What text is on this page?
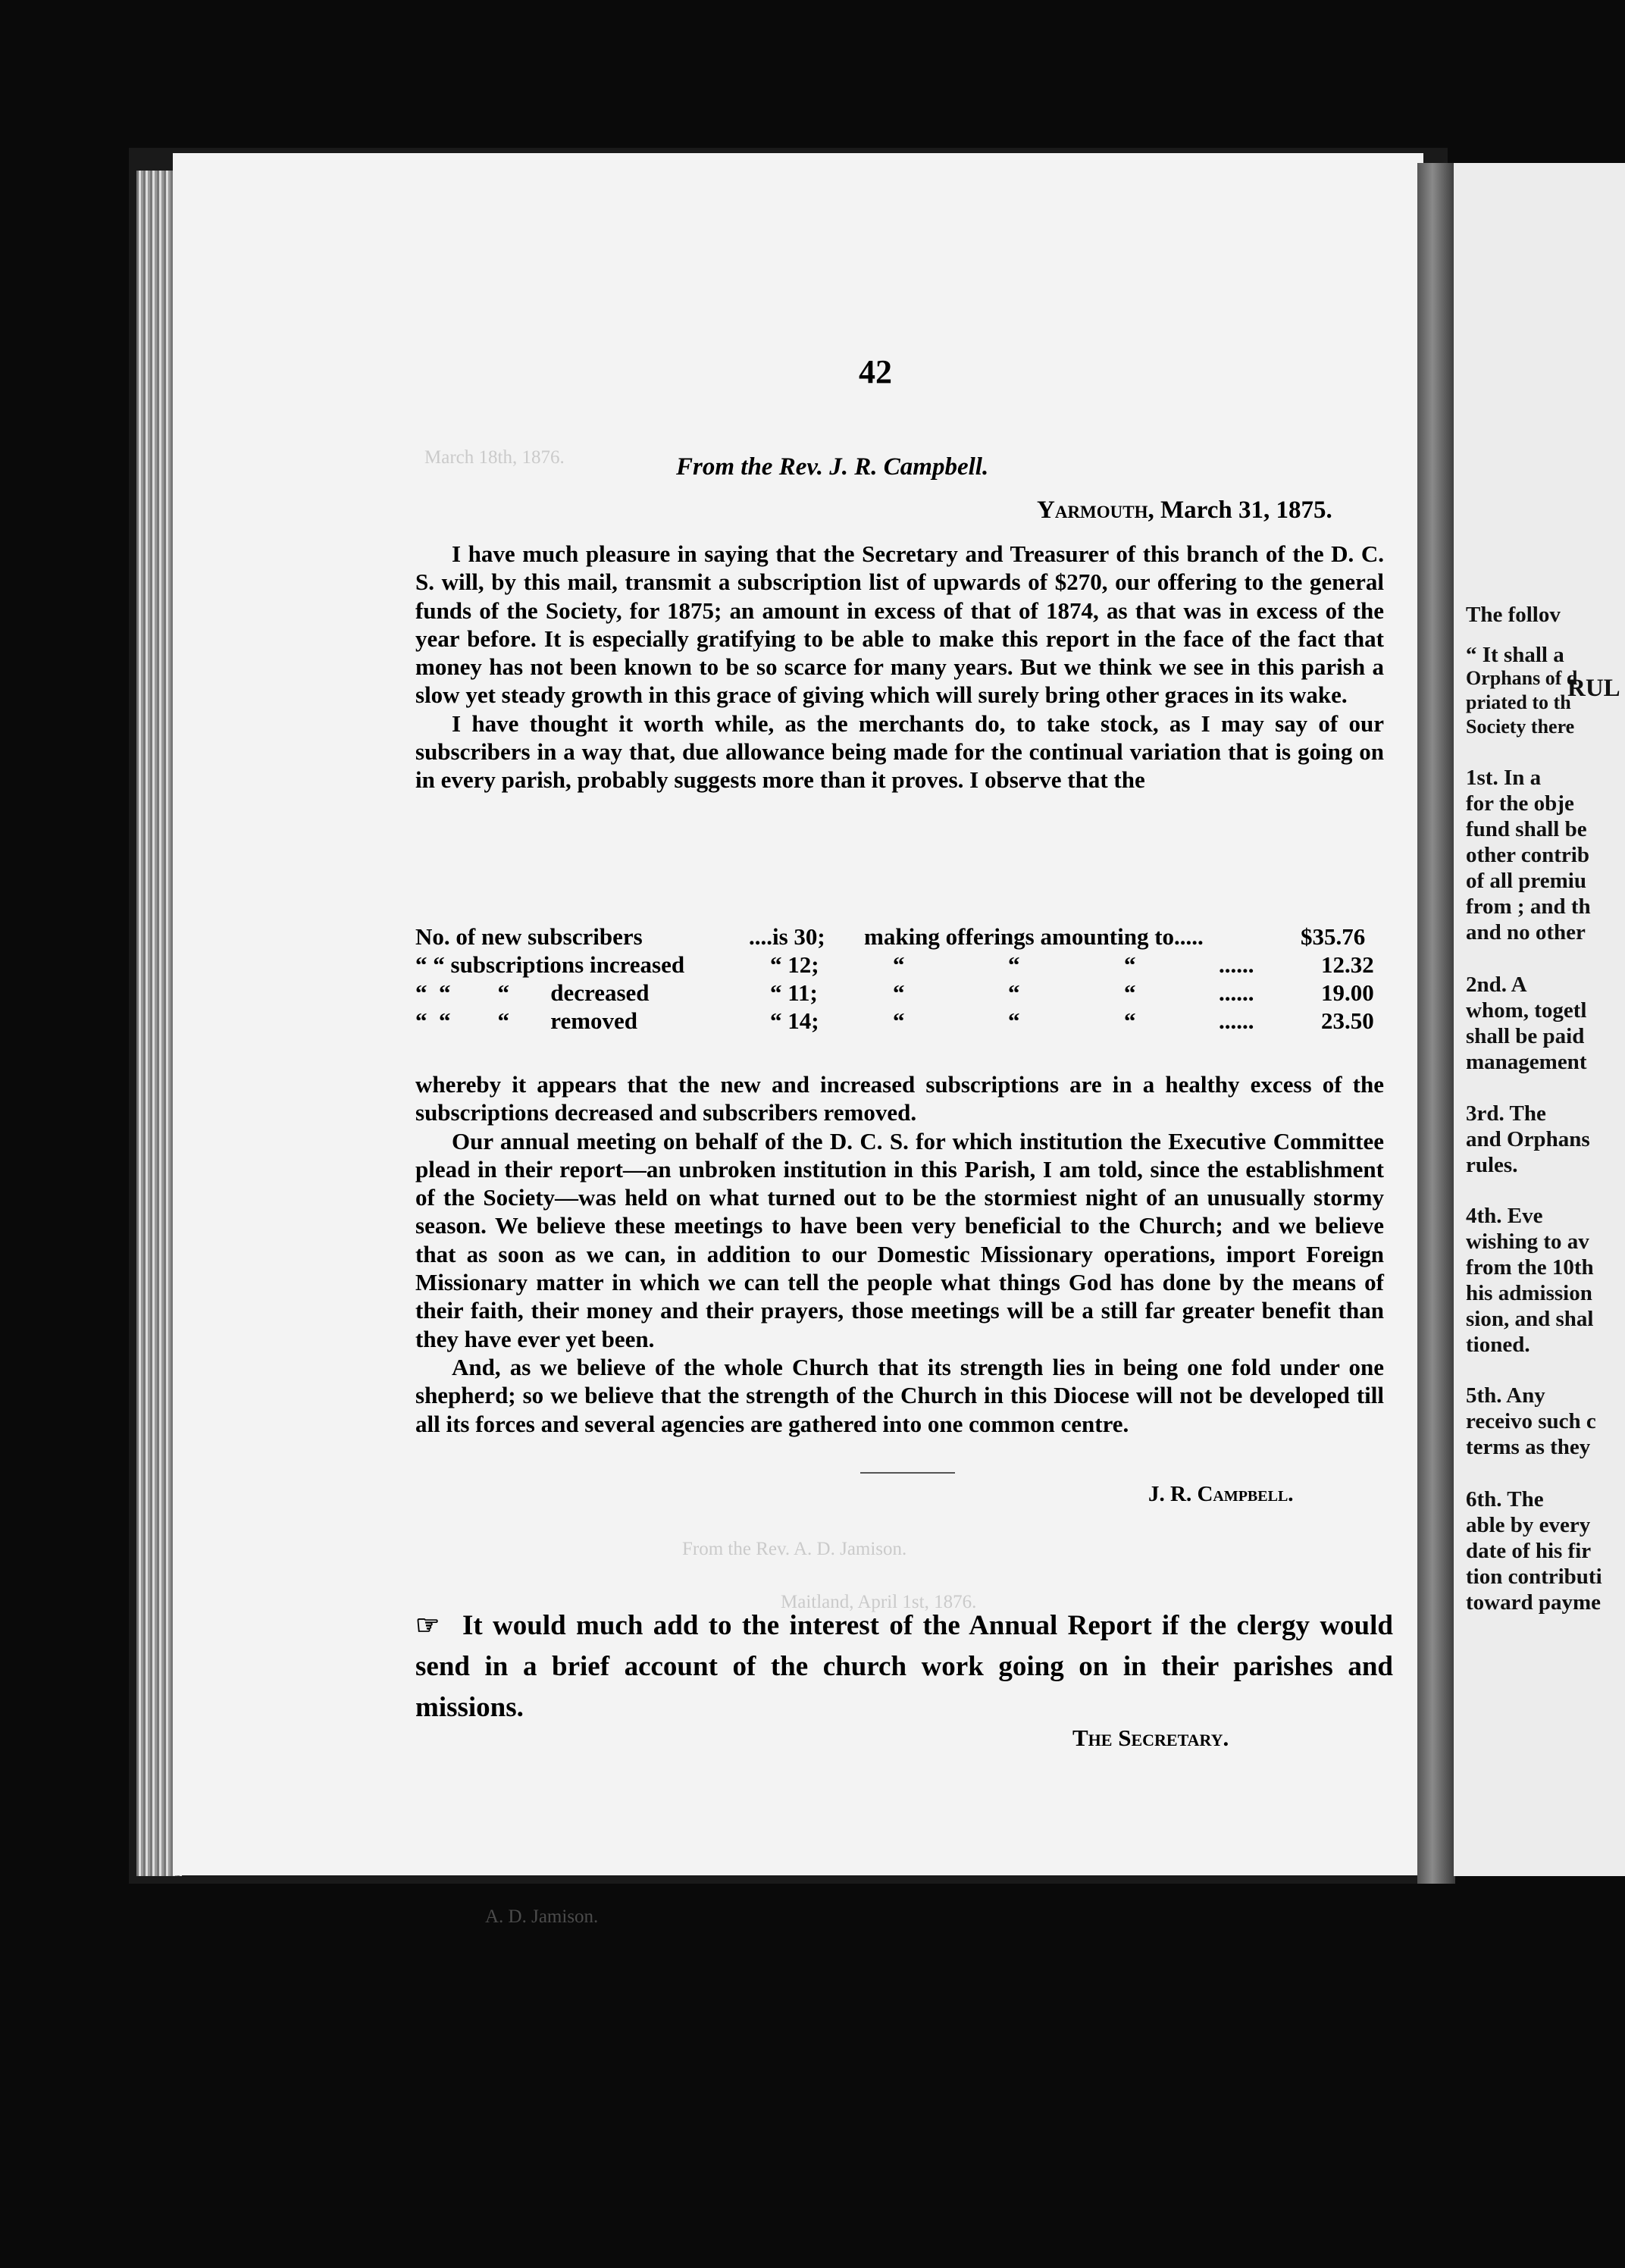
March 18th, 1876.
From the Rev. A. D. Jamison.
Maitland, April 1st, 1876.
A. D. Jamison.
42
From the Rev. J. R. Campbell.
Yarmouth, March 31, 1875.

I have much pleasure in saying that the Secretary and Treasurer of this branch of the D. C. S. will, by this mail, transmit a subscription list of upwards of $270, our offering to the general funds of the Society, for 1875; an amount in excess of that of 1874, as that was in excess of the year before. It is especially gratifying to be able to make this report in the face of the fact that money has not been known to be so scarce for many years. But we think we see in this parish a slow yet steady growth in this grace of giving which will surely bring other graces in its wake.

I have thought it worth while, as the merchants do, to take stock, as I may say of our subscribers in a way that, due allowance being made for the continual variation that is going on in every parish, probably suggests more than it proves. I observe that the

No. of new subscribers	....is 30; making offerings amounting to.....	$35.76
“ “ subscriptions increased	“ 12;	“	“	“	......	12.32
“  “        “       decreased	“ 11;	“	“	“	......	19.00
“  “        “       removed	“ 14;	“	“	“	......	23.50

whereby it appears that the new and increased subscriptions are in a healthy excess of the subscriptions decreased and subscribers removed.

Our annual meeting on behalf of the D. C. S. for which institution the Executive Committee plead in their report—an unbroken institution in this Parish, I am told, since the establishment of the Society—was held on what turned out to be the stormiest night of an unusually stormy season. We believe these meetings to have been very beneficial to the Church; and we believe that as soon as we can, in addition to our Domestic Missionary operations, import Foreign Missionary matter in which we can tell the people what things God has done by the means of their faith, their money and their prayers, those meetings will be a still far greater benefit than they have ever yet been.

And, as we believe of the whole Church that its strength lies in being one fold under one shepherd; so we believe that the strength of the Church in this Diocese will not be developed till all its forces and several agencies are gathered into one common centre.

J. R. Campbell.
☞ It would much add to the interest of the Annual Report if the clergy would send in a brief account of the church work going on in their parishes and missions.
The Secretary.
RUL
The follov
“ It shall a
Orphans of d
priated to th
Society there
1st. In a
for the obje
fund shall be
other contrib
of all premiu
from ; and th
and no other
2nd. A
whom, togetl
shall be paid
management
3rd. The
and Orphans
rules.
4th. Eve
wishing to av
from the 10th
his admission
sion, and shal
tioned.
5th. Any
receivo such c
terms as they
6th. The
able by every
date of his fir
tion contributi
toward payme
